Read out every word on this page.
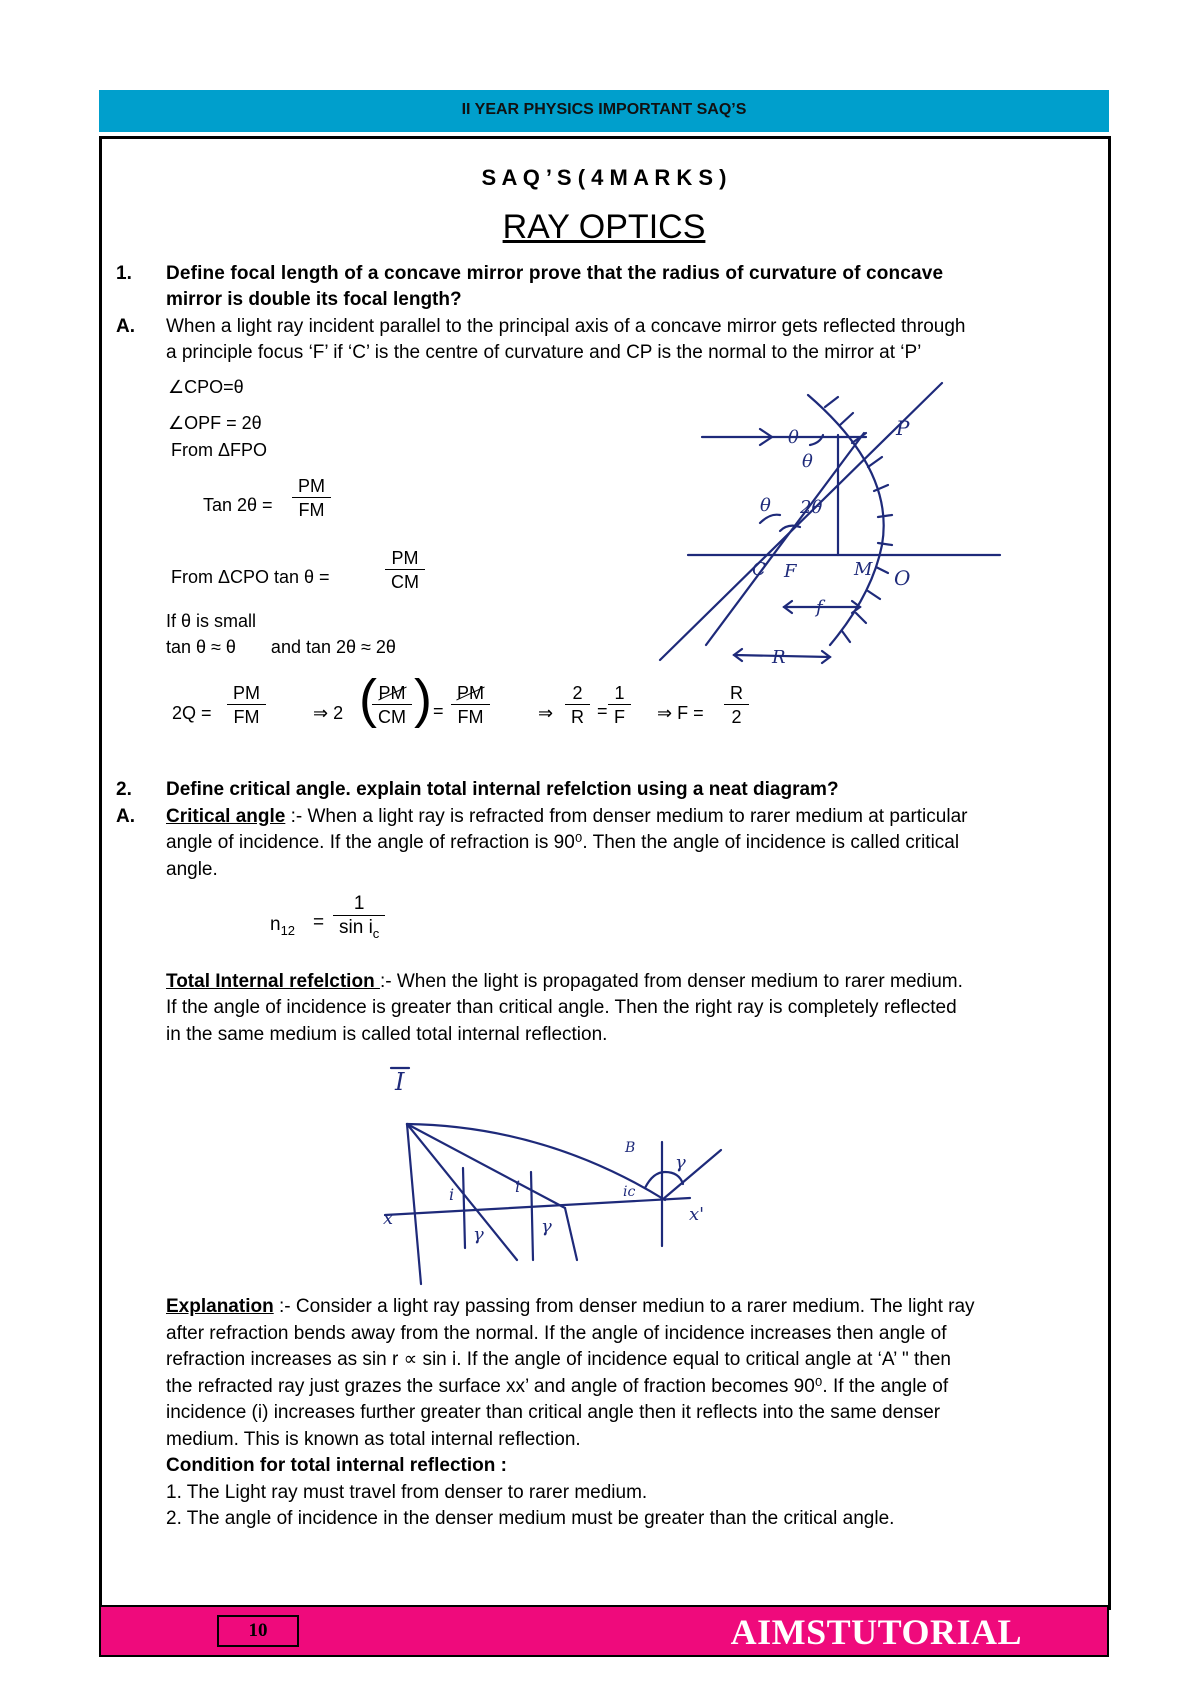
II YEAR PHYSICS IMPORTANT SAQ’S
S A Q ’ S ( 4 M A R K S )
RAY OPTICS
1. Define focal length of a concave mirror prove that the radius of curvature of concave
mirror is double its focal length?
A. When a light ray incident parallel to the principal axis of a concave mirror gets reflected through
a principle focus ‘F’ if ‘C’ is the centre of curvature and CP is the normal to the mirror at ‘P’
∠CPO=θ
∠OPF = 2θ
From ΔFPO
Tan $2\theta = \frac{PM}{FM}$
From ΔCPO tan θ =	$\frac{PM}{CM}$
If θ is small
tan θ ≈ θ       and tan 2θ ≈ 2θ
$2Q = \frac{PM}{FM}$	⇒ 2 (
$\frac{PM}{CM}$ ) = $\frac{PM}{FM}$	⇒ $\frac{2}{R} = \frac{1}{F}$ ⇒ $F = \frac{R}{2}$
θ
θ
θ 2θ
P
C F	M O
f
R
2. Define critical angle. explain total internal refelction using a neat diagram?
A. Critical angle :- When a light ray is refracted from denser medium to rarer medium at particular
angle of incidence. If the angle of refraction is 90⁰. Then the angle of incidence is called critical
angle.
$n_{12} = \frac{1}{\sin i_c}$
Total Internal refelction :- When the light is propagated from denser medium to rarer medium.
If the angle of incidence is greater than critical angle. Then the right ray is completely reflected
in the same medium is called total internal reflection.
I
i	i
γ	γ
γ
ic
B
x	x'
Explanation :- Consider a light ray passing from denser mediun to a rarer medium. The light ray
after refraction bends away from the normal. If the angle of incidence increases then angle of
refraction increases as sin r ∝ sin i. If the angle of incidence equal to critical angle at ‘A’ " then
the refracted ray just grazes the surface xx’ and angle of fraction becomes 90⁰. If the angle of
incidence (i) increases further greater than critical angle then it reflects into the same denser
medium. This is known as total internal reflection.
Condition for total internal reflection :
1. The Light ray must travel from denser to rarer medium.
2. The angle of incidence in the denser medium must be greater than the critical angle.
10	AIMSTUTORIAL
